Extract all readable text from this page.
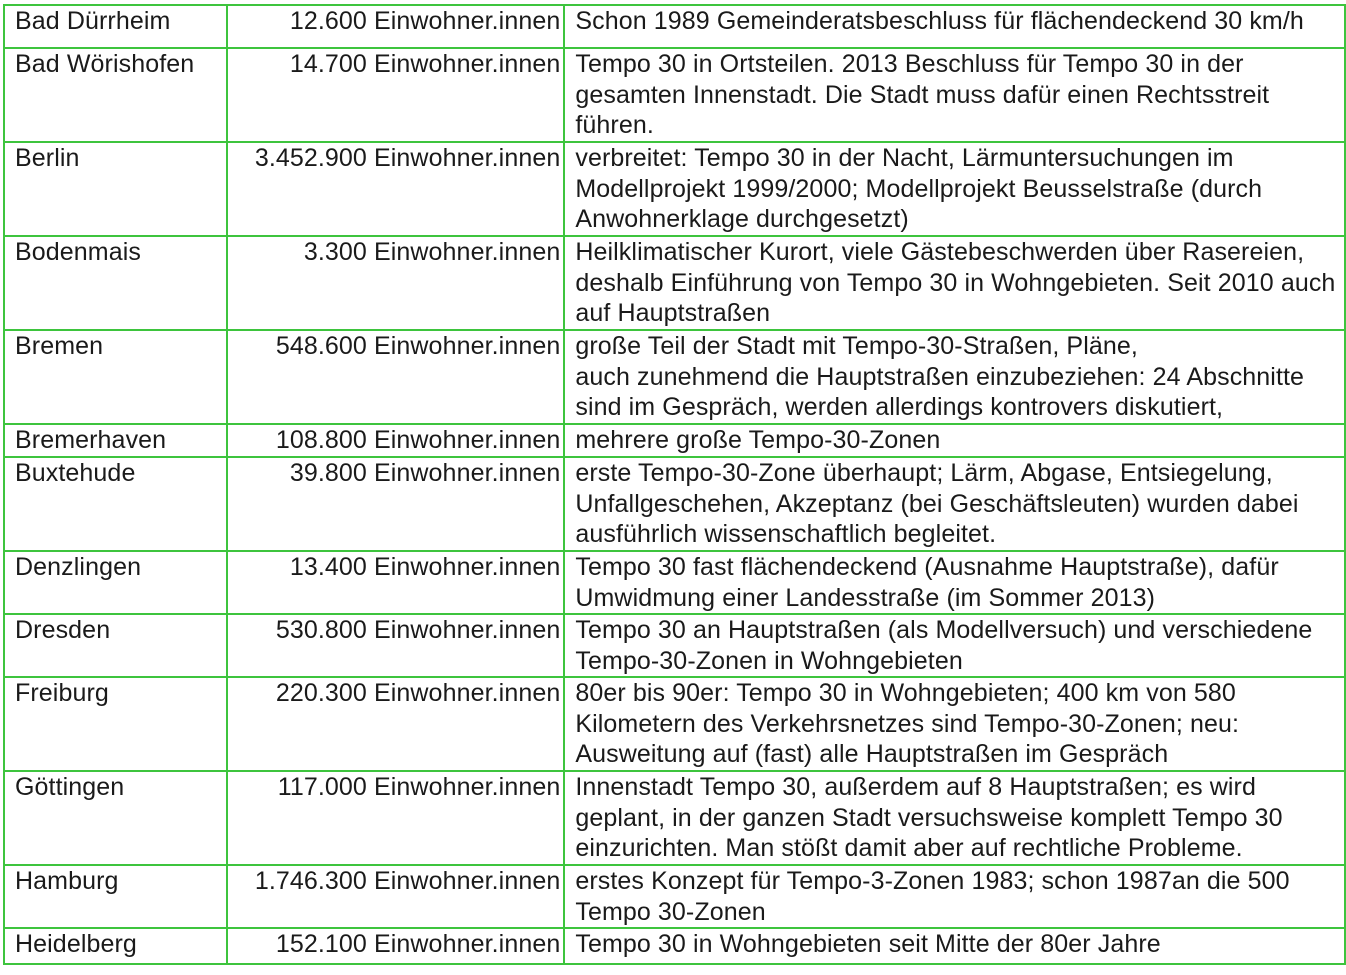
Bad Dürrheim	12.600 Einwohner.innen	Schon 1989 Gemeinderatsbeschluss für flächendeckend 30 km/h

Bad Wörishofen	14.700 Einwohner.innen	Tempo 30 in Ortsteilen. 2013 Beschluss für Tempo 30 in der gesamten Innenstadt. Die Stadt muss dafür einen Rechtsstreit führen.

Berlin	3.452.900 Einwohner.innen	verbreitet: Tempo 30 in der Nacht, Lärmuntersuchungen im Modellprojekt 1999/2000; Modellprojekt Beusselstraße (durch Anwohnerklage durchgesetzt)

Bodenmais	3.300 Einwohner.innen	Heilklimatischer Kurort, viele Gästebeschwerden über Rasereien, deshalb Einführung von Tempo 30 in Wohngebieten. Seit 2010 auch auf Hauptstraßen

Bremen	548.600 Einwohner.innen	große Teil der Stadt mit Tempo-30-Straßen, Pläne,
auch zunehmend die Hauptstraßen einzubeziehen: 24 Abschnitte sind im Gespräch, werden allerdings kontrovers diskutiert,

Bremerhaven	108.800 Einwohner.innen	mehrere große Tempo-30-Zonen

Buxtehude	39.800 Einwohner.innen	erste Tempo-30-Zone überhaupt; Lärm, Abgase, Entsiegelung, Unfallgeschehen, Akzeptanz (bei Geschäftsleuten) wurden dabei ausführlich wissenschaftlich begleitet.

Denzlingen	13.400 Einwohner.innen	Tempo 30 fast flächendeckend (Ausnahme Hauptstraße), dafür Umwidmung einer Landesstraße (im Sommer 2013)

Dresden	530.800 Einwohner.innen	Tempo 30 an Hauptstraßen (als Modellversuch) und verschiedene Tempo-30-Zonen in Wohngebieten

Freiburg	220.300 Einwohner.innen	80er bis 90er: Tempo 30 in Wohngebieten; 400 km von 580 Kilometern des Verkehrsnetzes sind Tempo-30-Zonen; neu: Ausweitung auf (fast) alle Hauptstraßen im Gespräch

Göttingen	117.000 Einwohner.innen	Innenstadt Tempo 30, außerdem auf 8 Hauptstraßen; es wird geplant, in der ganzen Stadt versuchsweise komplett Tempo 30 einzurichten. Man stößt damit aber auf rechtliche Probleme.

Hamburg	1.746.300 Einwohner.innen	erstes Konzept für Tempo-3-Zonen 1983; schon 1987an die 500 Tempo 30-Zonen

Heidelberg	152.100 Einwohner.innen	Tempo 30 in Wohngebieten seit Mitte der 80er Jahre
